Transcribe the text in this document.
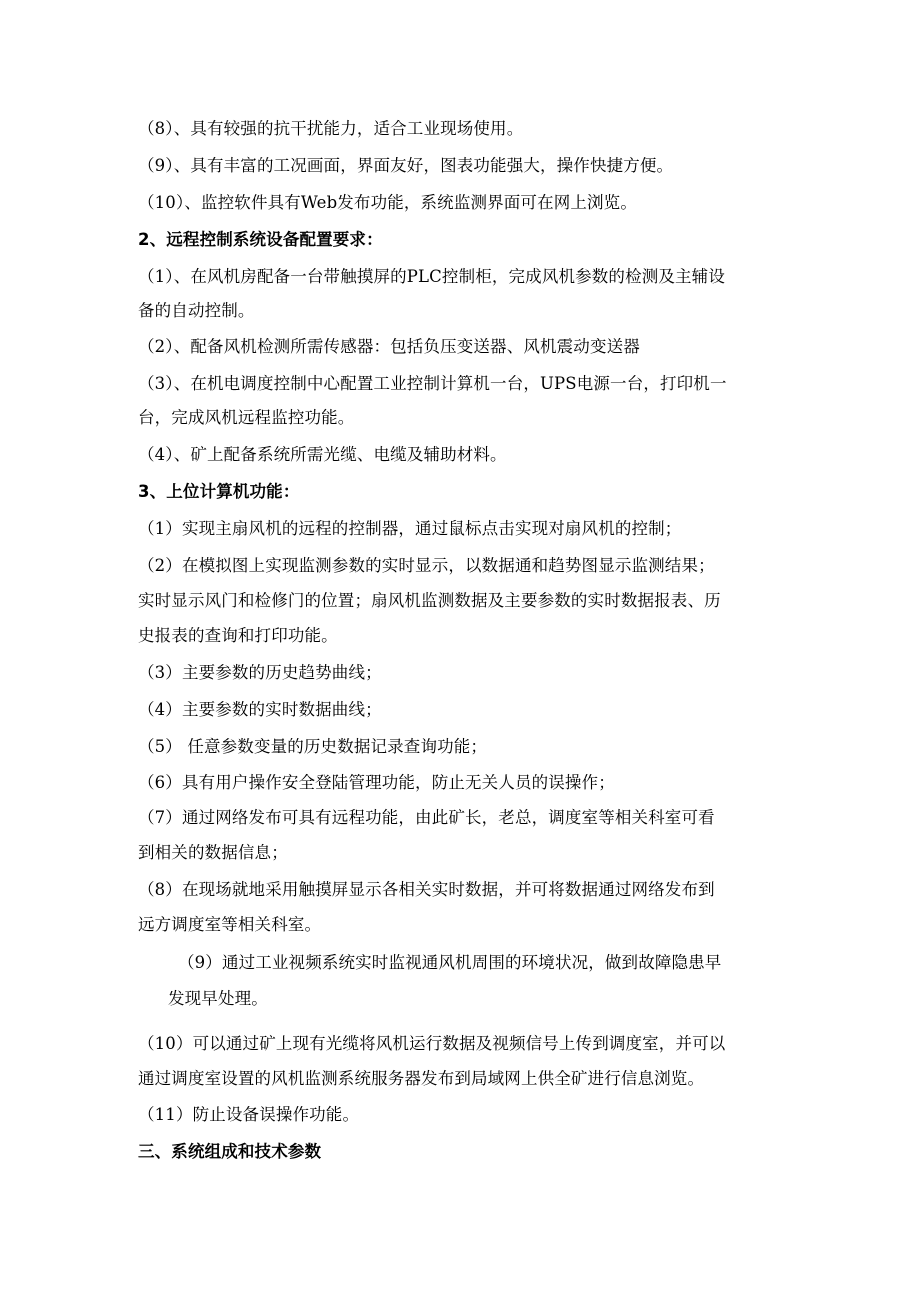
（8）、具有较强的抗干扰能力，适合工业现场使用。
（9）、具有丰富的工况画面，界面友好，图表功能强大，操作快捷方便。
（10）、监控软件具有Web发布功能，系统监测界面可在网上浏览。
2、远程控制系统设备配置要求：
（1）、在风机房配备一台带触摸屏的PLC控制柜，完成风机参数的检测及主辅设
备的自动控制。
（2）、配备风机检测所需传感器：包括负压变送器、风机震动变送器
（3）、在机电调度控制中心配置工业控制计算机一台，UPS电源一台，打印机一
台，完成风机远程监控功能。
（4）、矿上配备系统所需光缆、电缆及辅助材料。
3、上位计算机功能：
（1）实现主扇风机的远程的控制器，通过鼠标点击实现对扇风机的控制；
（2）在模拟图上实现监测参数的实时显示，以数据通和趋势图显示监测结果；
实时显示风门和检修门的位置；扇风机监测数据及主要参数的实时数据报表、历
史报表的查询和打印功能。
（3）主要参数的历史趋势曲线；
（4）主要参数的实时数据曲线；
（5） 任意参数变量的历史数据记录查询功能；
（6）具有用户操作安全登陆管理功能，防止无关人员的误操作；
（7）通过网络发布可具有远程功能，由此矿长，老总，调度室等相关科室可看
到相关的数据信息；
（8）在现场就地采用触摸屏显示各相关实时数据，并可将数据通过网络发布到
远方调度室等相关科室。
（9）通过工业视频系统实时监视通风机周围的环境状况，做到故障隐患早
发现早处理。
（10）可以通过矿上现有光缆将风机运行数据及视频信号上传到调度室，并可以
通过调度室设置的风机监测系统服务器发布到局域网上供全矿进行信息浏览。
（11）防止设备误操作功能。
三、系统组成和技术参数
